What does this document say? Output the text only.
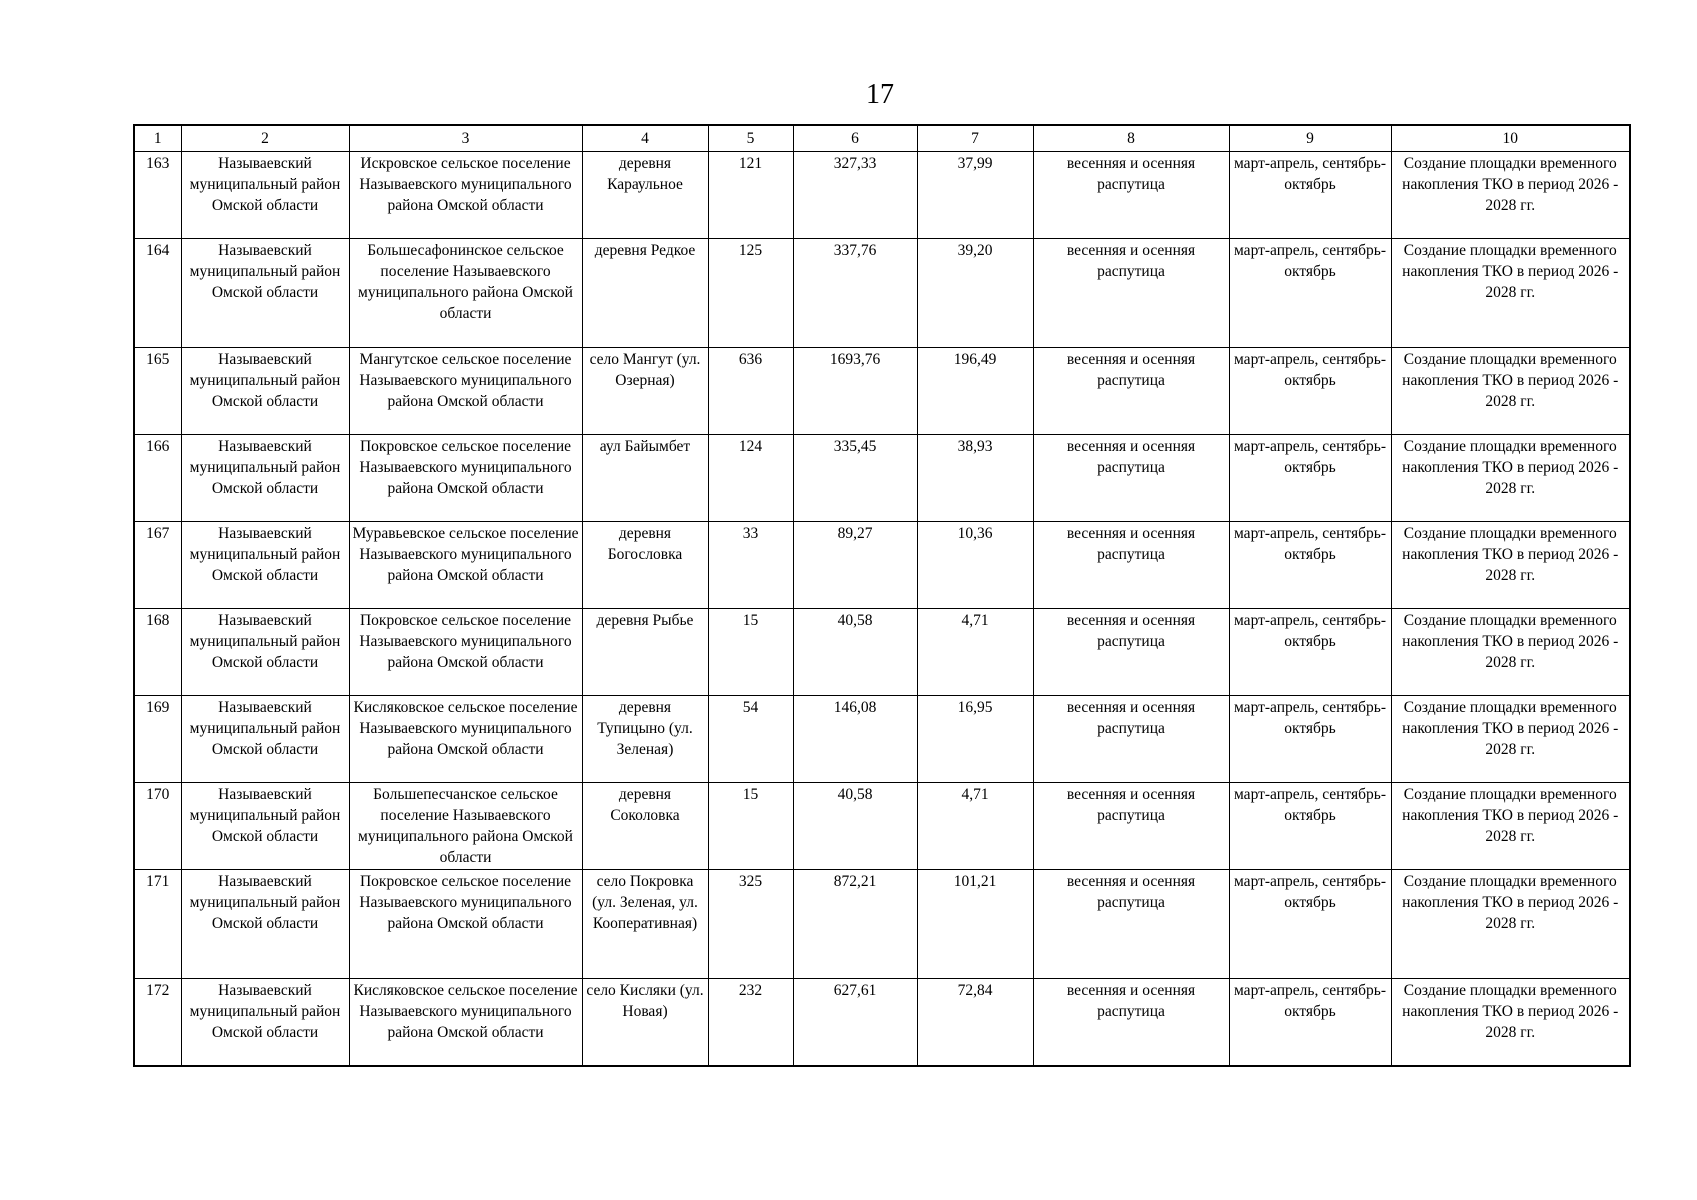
17
1	2	3	4	5	6	7	8	9	10
163	Называевский муниципальный район Омской области	Искровское сельское поселение Называевского муниципального района Омской области	деревня Караульное	121	327,33	37,99	весенняя и осенняя распутица	март-апрель, сентябрь-октябрь	Создание площадки временного накопления ТКО в период 2026 - 2028 гг.
164	Называевский муниципальный район Омской области	Большесафонинское сельское поселение Называевского муниципального района Омской области	деревня Редкое	125	337,76	39,20	весенняя и осенняя распутица	март-апрель, сентябрь-октябрь	Создание площадки временного накопления ТКО в период 2026 - 2028 гг.
165	Называевский муниципальный район Омской области	Мангутское сельское поселение Называевского муниципального района Омской области	село Мангут (ул. Озерная)	636	1693,76	196,49	весенняя и осенняя распутица	март-апрель, сентябрь-октябрь	Создание площадки временного накопления ТКО в период 2026 - 2028 гг.
166	Называевский муниципальный район Омской области	Покровское сельское поселение Называевского муниципального района Омской области	аул Байымбет	124	335,45	38,93	весенняя и осенняя распутица	март-апрель, сентябрь-октябрь	Создание площадки временного накопления ТКО в период 2026 - 2028 гг.
167	Называевский муниципальный район Омской области	Муравьевское сельское поселение Называевского муниципального района Омской области	деревня Богословка	33	89,27	10,36	весенняя и осенняя распутица	март-апрель, сентябрь-октябрь	Создание площадки временного накопления ТКО в период 2026 - 2028 гг.
168	Называевский муниципальный район Омской области	Покровское сельское поселение Называевского муниципального района Омской области	деревня Рыбье	15	40,58	4,71	весенняя и осенняя распутица	март-апрель, сентябрь-октябрь	Создание площадки временного накопления ТКО в период 2026 - 2028 гг.
169	Называевский муниципальный район Омской области	Кисляковское сельское поселение Называевского муниципального района Омской области	деревня Тупицыно (ул. Зеленая)	54	146,08	16,95	весенняя и осенняя распутица	март-апрель, сентябрь-октябрь	Создание площадки временного накопления ТКО в период 2026 - 2028 гг.
170	Называевский муниципальный район Омской области	Большепесчанское сельское поселение Называевского муниципального района Омской области	деревня Соколовка	15	40,58	4,71	весенняя и осенняя распутица	март-апрель, сентябрь-октябрь	Создание площадки временного накопления ТКО в период 2026 - 2028 гг.
171	Называевский муниципальный район Омской области	Покровское сельское поселение Называевского муниципального района Омской области	село Покровка (ул. Зеленая, ул. Кооперативная)	325	872,21	101,21	весенняя и осенняя распутица	март-апрель, сентябрь-октябрь	Создание площадки временного накопления ТКО в период 2026 - 2028 гг.
172	Называевский муниципальный район Омской области	Кисляковское сельское поселение Называевского муниципального района Омской области	село Кисляки (ул. Новая)	232	627,61	72,84	весенняя и осенняя распутица	март-апрель, сентябрь-октябрь	Создание площадки временного накопления ТКО в период 2026 - 2028 гг.
